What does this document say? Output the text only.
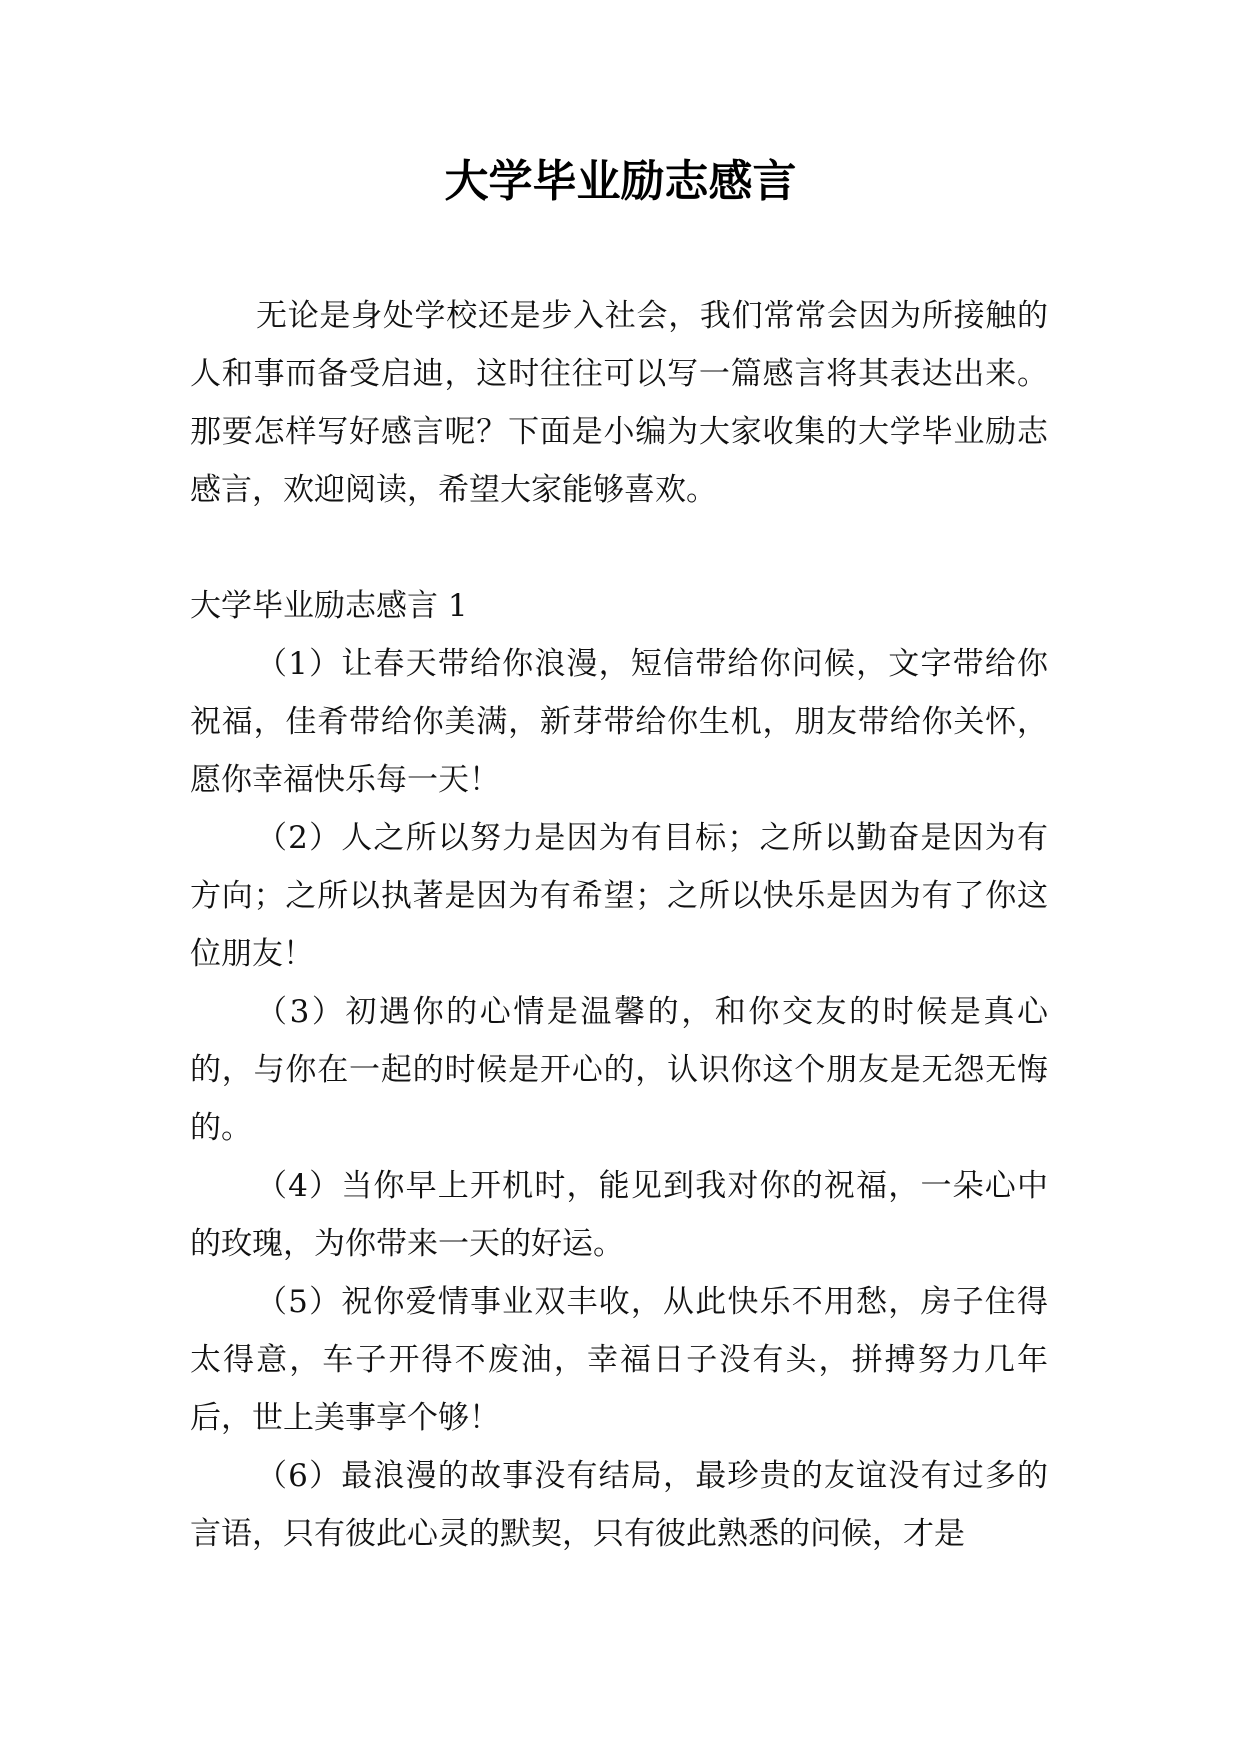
大学毕业励志感言

无论是身处学校还是步入社会，我们常常会因为所接触的人和事而备受启迪，这时往往可以写一篇感言将其表达出来。那要怎样写好感言呢？下面是小编为大家收集的大学毕业励志感言，欢迎阅读，希望大家能够喜欢。

大学毕业励志感言 1

（1）让春天带给你浪漫，短信带给你问候，文字带给你祝福，佳肴带给你美满，新芽带给你生机，朋友带给你关怀，愿你幸福快乐每一天！

（2）人之所以努力是因为有目标；之所以勤奋是因为有方向；之所以执著是因为有希望；之所以快乐是因为有了你这位朋友！

（3）初遇你的心情是温馨的，和你交友的时候是真心的，与你在一起的时候是开心的，认识你这个朋友是无怨无悔的。

（4）当你早上开机时，能见到我对你的祝福，一朵心中的玫瑰，为你带来一天的好运。

（5）祝你爱情事业双丰收，从此快乐不用愁，房子住得太得意，车子开得不废油，幸福日子没有头，拼搏努力几年后，世上美事享个够！

（6）最浪漫的故事没有结局，最珍贵的友谊没有过多的言语，只有彼此心灵的默契，只有彼此熟悉的问候，才是
